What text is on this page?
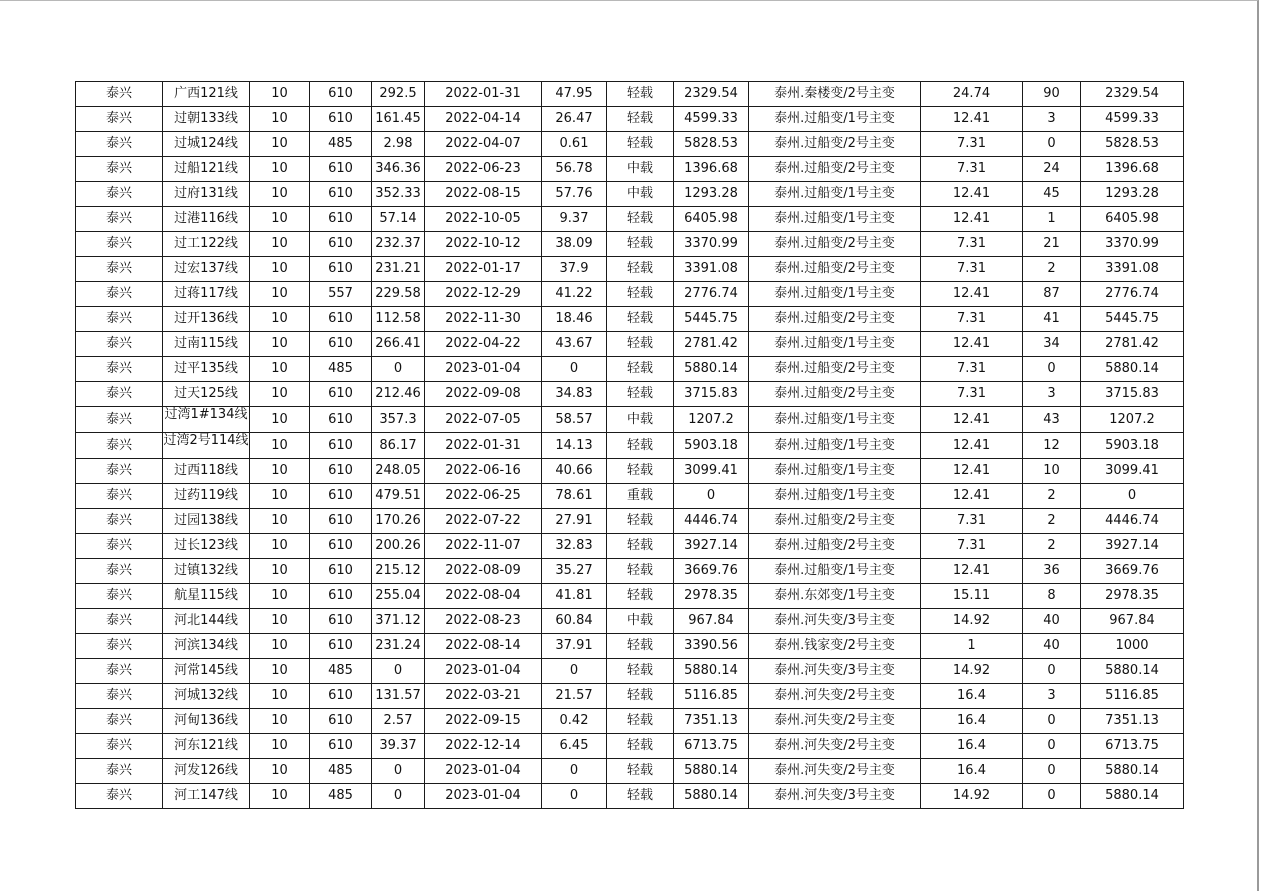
泰兴	广西121线	10	610	292.5	2022-01-31	47.95	轻载	2329.54	泰州.秦楼变/2号主变	24.74	90	2329.54
泰兴	过朝133线	10	610	161.45	2022-04-14	26.47	轻载	4599.33	泰州.过船变/1号主变	12.41	3	4599.33
泰兴	过城124线	10	485	2.98	2022-04-07	0.61	轻载	5828.53	泰州.过船变/2号主变	7.31	0	5828.53
泰兴	过船121线	10	610	346.36	2022-06-23	56.78	中载	1396.68	泰州.过船变/2号主变	7.31	24	1396.68
泰兴	过府131线	10	610	352.33	2022-08-15	57.76	中载	1293.28	泰州.过船变/1号主变	12.41	45	1293.28
泰兴	过港116线	10	610	57.14	2022-10-05	9.37	轻载	6405.98	泰州.过船变/1号主变	12.41	1	6405.98
泰兴	过工122线	10	610	232.37	2022-10-12	38.09	轻载	3370.99	泰州.过船变/2号主变	7.31	21	3370.99
泰兴	过宏137线	10	610	231.21	2022-01-17	37.9	轻载	3391.08	泰州.过船变/2号主变	7.31	2	3391.08
泰兴	过蒋117线	10	557	229.58	2022-12-29	41.22	轻载	2776.74	泰州.过船变/1号主变	12.41	87	2776.74
泰兴	过开136线	10	610	112.58	2022-11-30	18.46	轻载	5445.75	泰州.过船变/2号主变	7.31	41	5445.75
泰兴	过南115线	10	610	266.41	2022-04-22	43.67	轻载	2781.42	泰州.过船变/1号主变	12.41	34	2781.42
泰兴	过平135线	10	485	0	2023-01-04	0	轻载	5880.14	泰州.过船变/2号主变	7.31	0	5880.14
泰兴	过天125线	10	610	212.46	2022-09-08	34.83	轻载	3715.83	泰州.过船变/2号主变	7.31	3	3715.83
泰兴	过湾1#134线	10	610	357.3	2022-07-05	58.57	中载	1207.2	泰州.过船变/1号主变	12.41	43	1207.2
泰兴	过湾2号114线	10	610	86.17	2022-01-31	14.13	轻载	5903.18	泰州.过船变/1号主变	12.41	12	5903.18
泰兴	过西118线	10	610	248.05	2022-06-16	40.66	轻载	3099.41	泰州.过船变/1号主变	12.41	10	3099.41
泰兴	过药119线	10	610	479.51	2022-06-25	78.61	重载	0	泰州.过船变/1号主变	12.41	2	0
泰兴	过园138线	10	610	170.26	2022-07-22	27.91	轻载	4446.74	泰州.过船变/2号主变	7.31	2	4446.74
泰兴	过长123线	10	610	200.26	2022-11-07	32.83	轻载	3927.14	泰州.过船变/2号主变	7.31	2	3927.14
泰兴	过镇132线	10	610	215.12	2022-08-09	35.27	轻载	3669.76	泰州.过船变/1号主变	12.41	36	3669.76
泰兴	航星115线	10	610	255.04	2022-08-04	41.81	轻载	2978.35	泰州.东郊变/1号主变	15.11	8	2978.35
泰兴	河北144线	10	610	371.12	2022-08-23	60.84	中载	967.84	泰州.河失变/3号主变	14.92	40	967.84
泰兴	河滨134线	10	610	231.24	2022-08-14	37.91	轻载	3390.56	泰州.钱家变/2号主变	1	40	1000
泰兴	河常145线	10	485	0	2023-01-04	0	轻载	5880.14	泰州.河失变/3号主变	14.92	0	5880.14
泰兴	河城132线	10	610	131.57	2022-03-21	21.57	轻载	5116.85	泰州.河失变/2号主变	16.4	3	5116.85
泰兴	河甸136线	10	610	2.57	2022-09-15	0.42	轻载	7351.13	泰州.河失变/2号主变	16.4	0	7351.13
泰兴	河东121线	10	610	39.37	2022-12-14	6.45	轻载	6713.75	泰州.河失变/2号主变	16.4	0	6713.75
泰兴	河发126线	10	485	0	2023-01-04	0	轻载	5880.14	泰州.河失变/2号主变	16.4	0	5880.14
泰兴	河工147线	10	485	0	2023-01-04	0	轻载	5880.14	泰州.河失变/3号主变	14.92	0	5880.14
